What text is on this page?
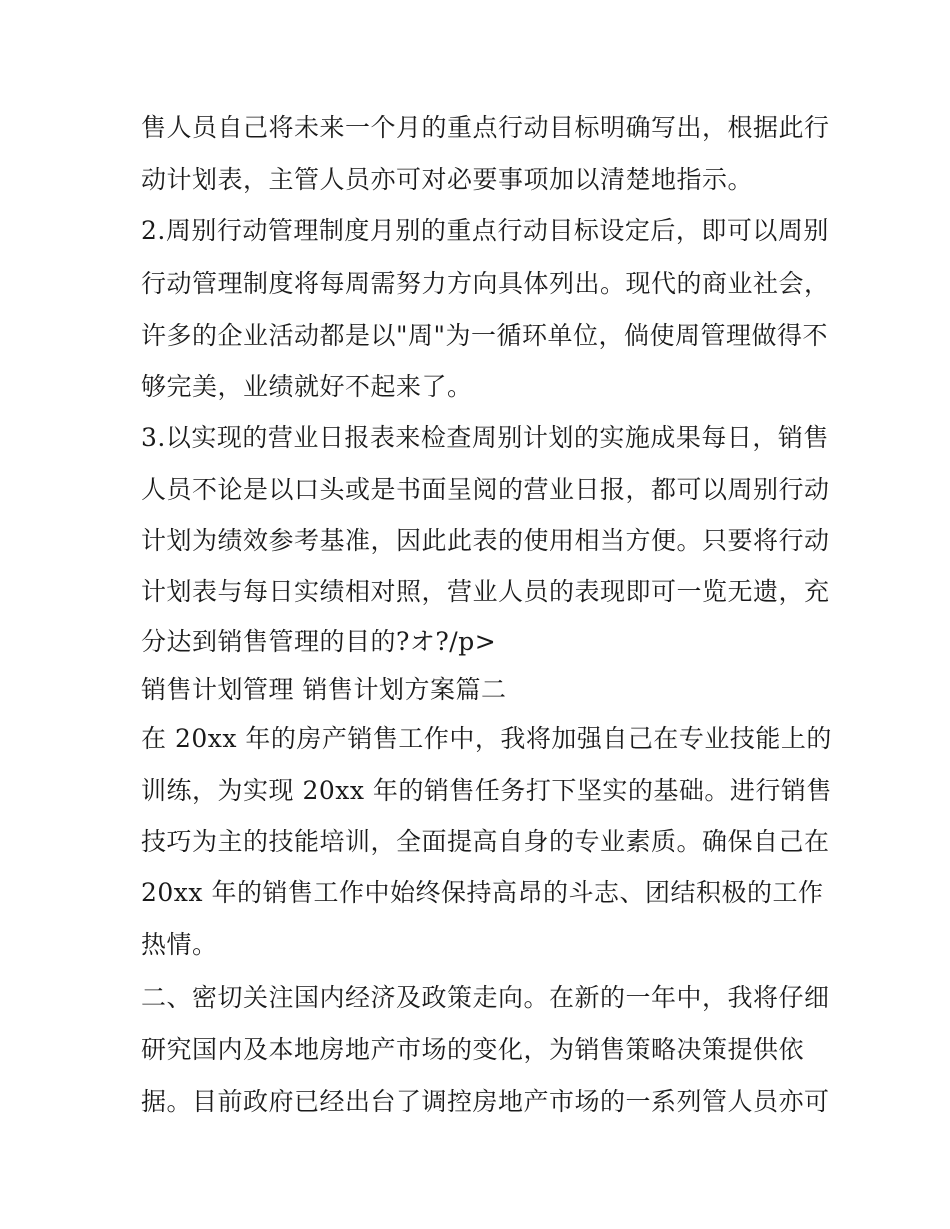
售人员自己将未来一个月的重点行动目标明确写出，根据此行
动计划表，主管人员亦可对必要事项加以清楚地指示。
2.周别行动管理制度月别的重点行动目标设定后，即可以周别
行动管理制度将每周需努力方向具体列出。现代的商业社会，
许多的企业活动都是以"周"为一循环单位，倘使周管理做得不
够完美，业绩就好不起来了。
3.以实现的营业日报表来检查周别计划的实施成果每日，销售
人员不论是以口头或是书面呈阅的营业日报，都可以周别行动
计划为绩效参考基准，因此此表的使用相当方便。只要将行动
计划表与每日实绩相对照，营业人员的表现即可一览无遗，充
分达到销售管理的目的?オ?/p>
销售计划管理 销售计划方案篇二
在 20xx 年的房产销售工作中，我将加强自己在专业技能上的
训练，为实现 20xx 年的销售任务打下坚实的基础。进行销售
技巧为主的技能培训，全面提高自身的专业素质。确保自己在
20xx 年的销售工作中始终保持高昂的斗志、团结积极的工作
热情。
二、密切关注国内经济及政策走向。在新的一年中，我将仔细
研究国内及本地房地产市场的变化，为销售策略决策提供依
据。目前政府已经出台了调控房地产市场的一系列管人员亦可
